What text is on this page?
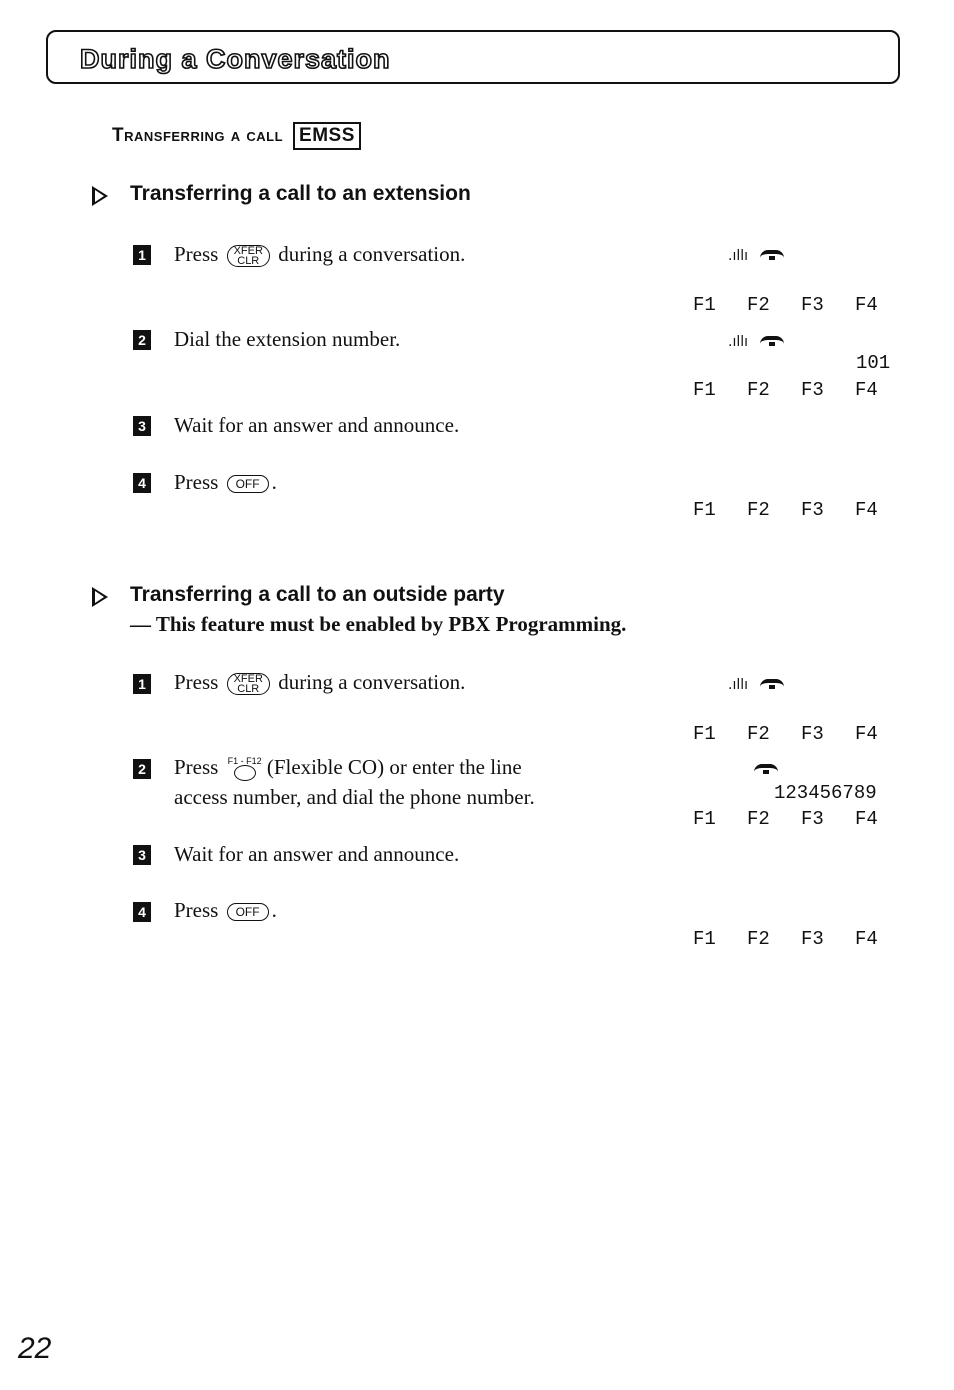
During a Conversation
Transferring a call EMSS
Transferring a call to an extension
1 Press XFER
CLR during a conversation.
2 Dial the extension number.
3 Wait for an answer and announce.
4 Press OFF .
.ıllı
F1 F2 F3 F4
.ıllı
101
F1 F2 F3 F4
F1 F2 F3 F4
Transferring a call to an outside party
— This feature must be enabled by PBX Programming.
1 Press XFER
CLR during a conversation.
2 Press F1 - F12 (Flexible CO) or enter the line
access number, and dial the phone number.
3 Wait for an answer and announce.
4 Press OFF .
.ıllı
F1 F2 F3 F4
123456789
F1 F2 F3 F4
F1 F2 F3 F4
22
